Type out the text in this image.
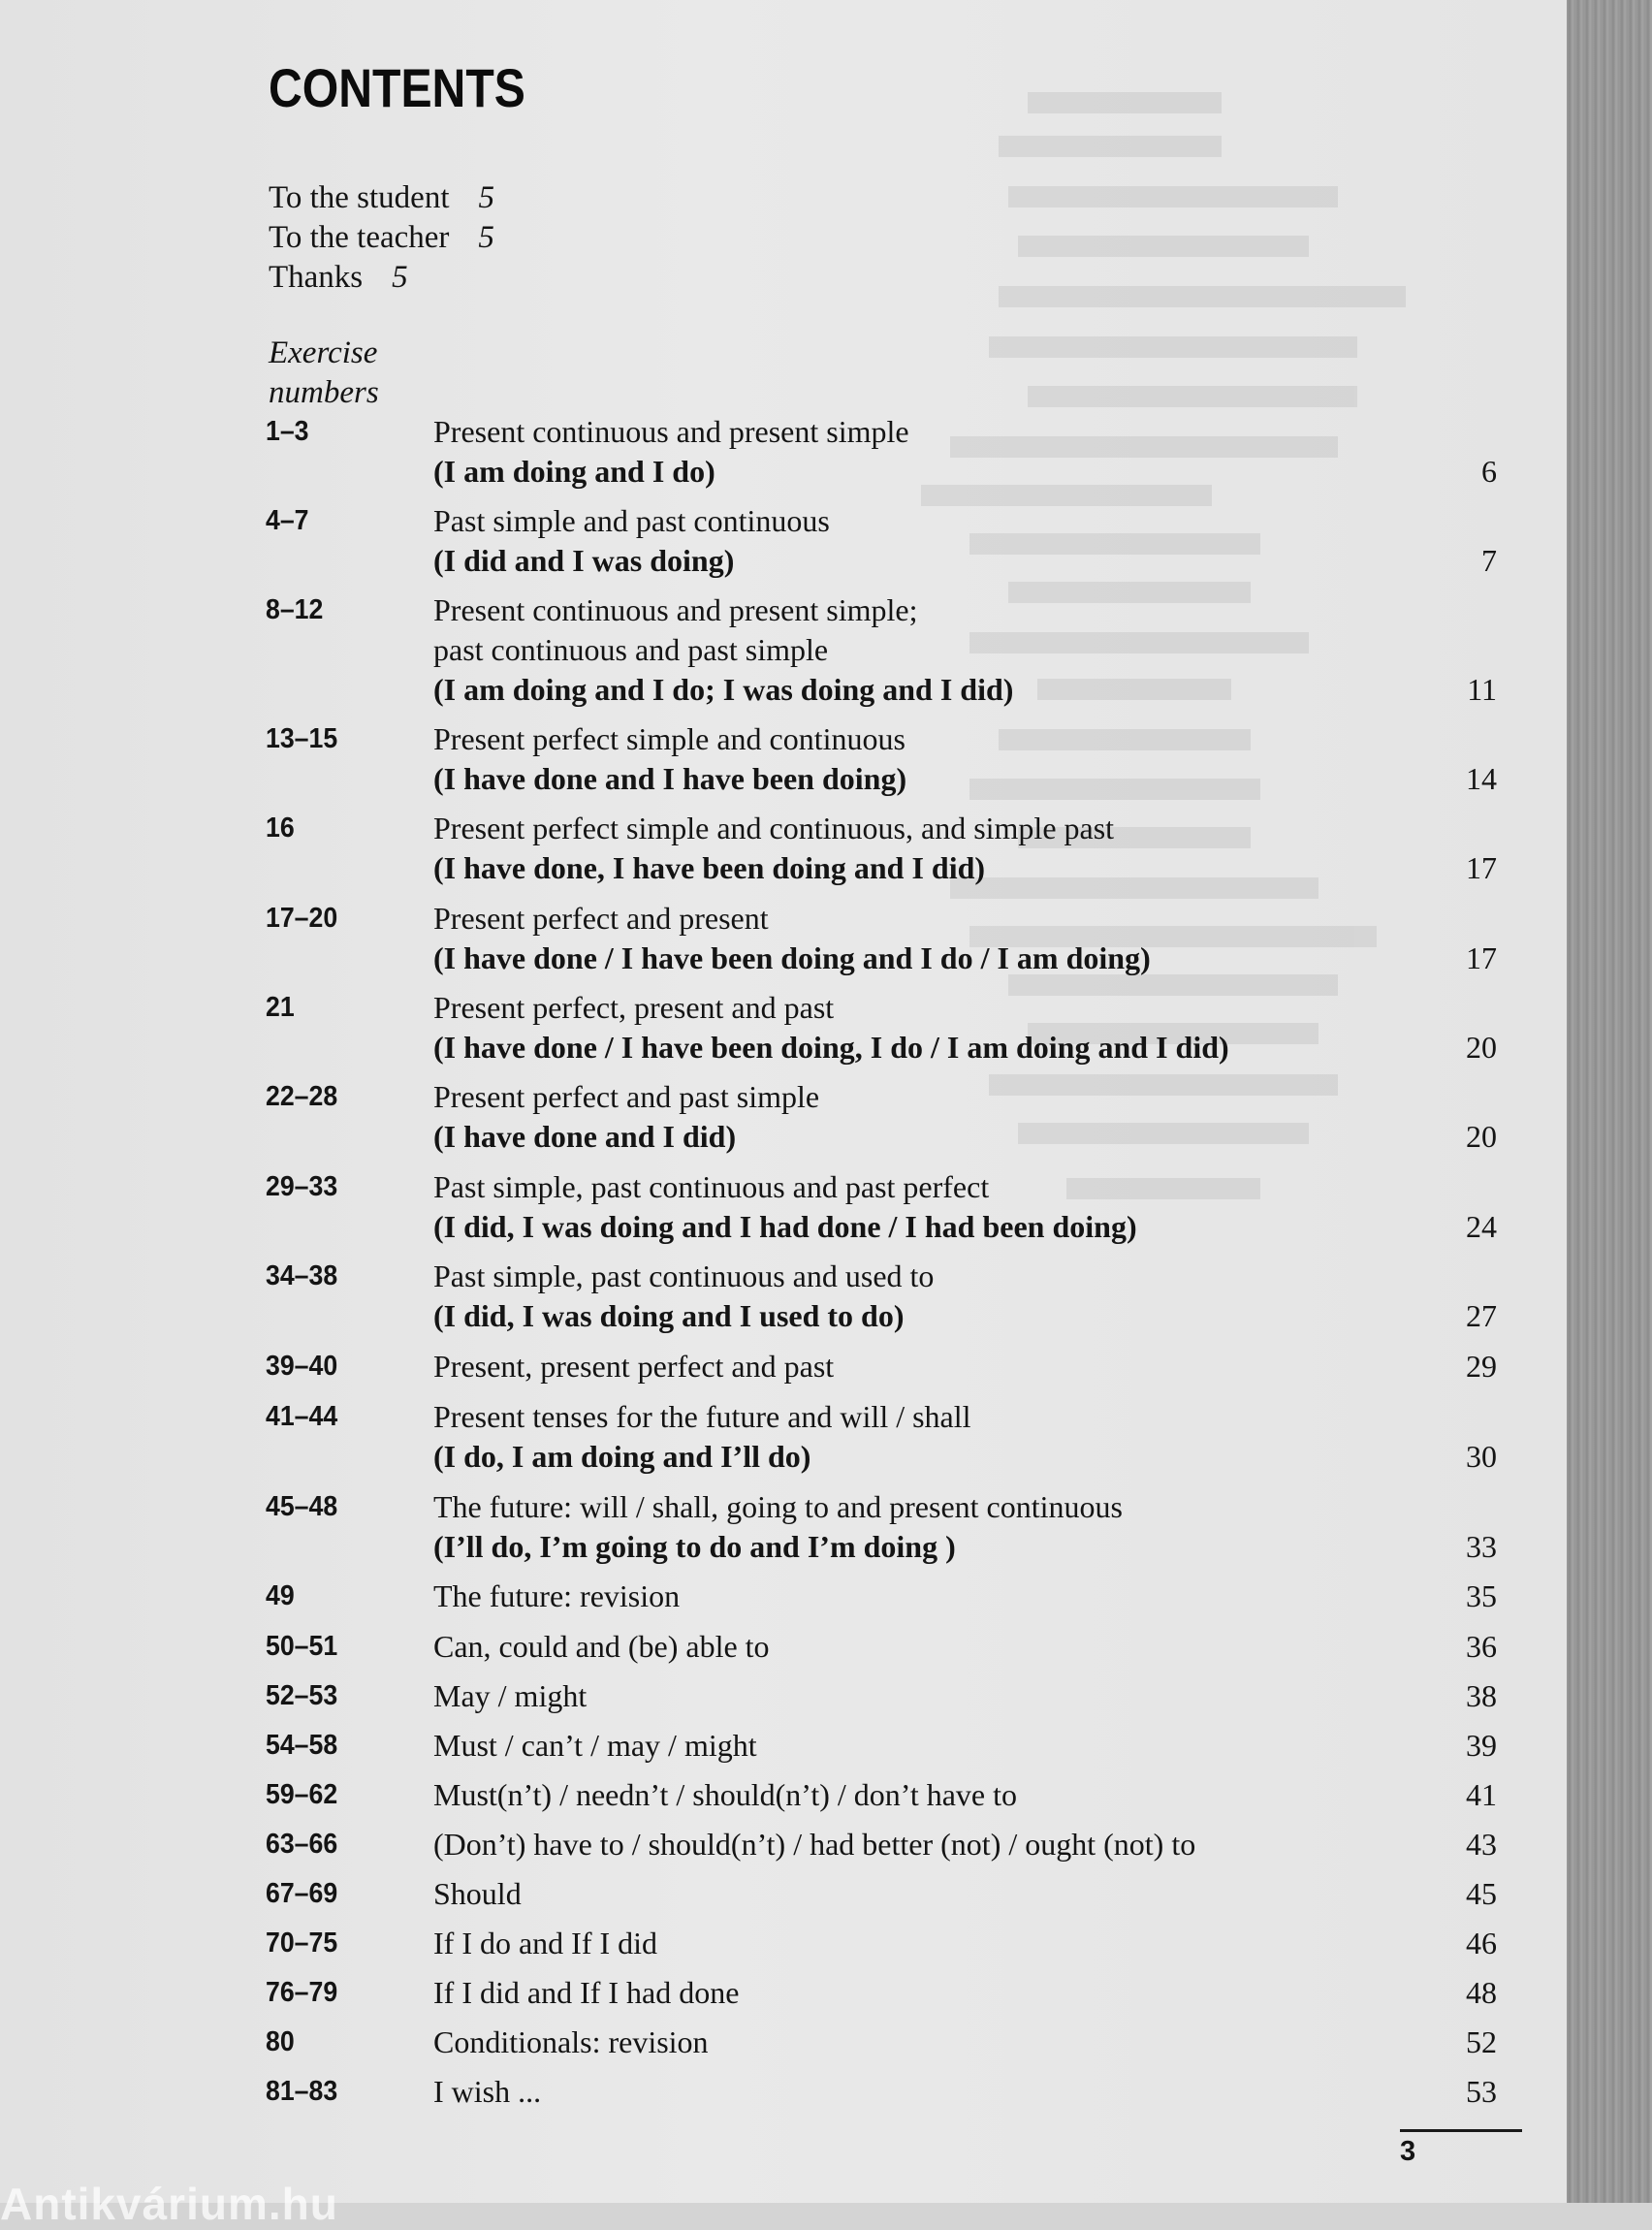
CONTENTS
To the student 5
To the teacher 5
Thanks 5
Exercise
numbers
1–3	Present continuous and present simple
(I am doing and I do)	6
4–7	Past simple and past continuous
(I did and I was doing)	7
8–12	Present continuous and present simple;
past continuous and past simple
(I am doing and I do; I was doing and I did)	11
13–15	Present perfect simple and continuous
(I have done and I have been doing)	14
16	Present perfect simple and continuous, and simple past
(I have done, I have been doing and I did)	17
17–20	Present perfect and present
(I have done / I have been doing and I do / I am doing)	17
21	Present perfect, present and past
(I have done / I have been doing, I do / I am doing and I did)	20
22–28	Present perfect and past simple
(I have done and I did)	20
29–33	Past simple, past continuous and past perfect
(I did, I was doing and I had done / I had been doing)	24
34–38	Past simple, past continuous and used to
(I did, I was doing and I used to do)	27
39–40	Present, present perfect and past	29
41–44	Present tenses for the future and will / shall
(I do, I am doing and I’ll do)	30
45–48	The future: will / shall, going to and present continuous
(I’ll do, I’m going to do and I’m doing )	33
49	The future: revision	35
50–51	Can, could and (be) able to	36
52–53	May / might	38
54–58	Must / can’t / may / might	39
59–62	Must(n’t) / needn’t / should(n’t) / don’t have to	41
63–66	(Don’t) have to / should(n’t) / had better (not) / ought (not) to	43
67–69	Should	45
70–75	If I do and If I did	46
76–79	If I did and If I had done	48
80	Conditionals: revision	52
81–83	I wish ...	53
3
Antikvárium.hu
